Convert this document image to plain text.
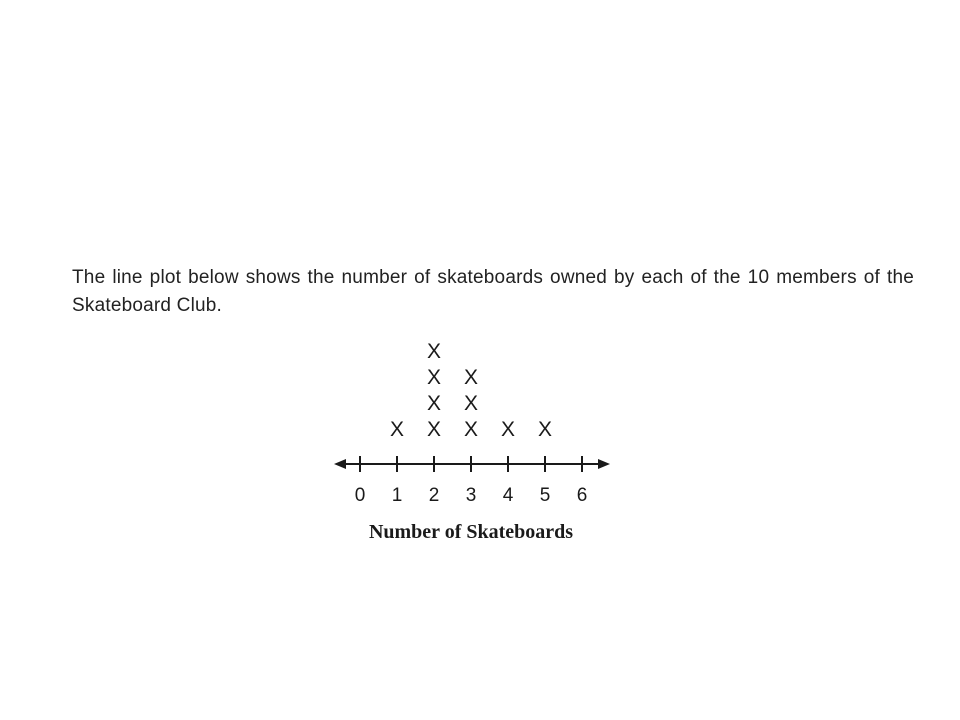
The line plot below shows the number of skateboards owned by each of the 10 members of the Skateboard Club.

X X
X
X
X
X
X
X
X X
0 1 2 3 4 5 6
Number of Skateboards
